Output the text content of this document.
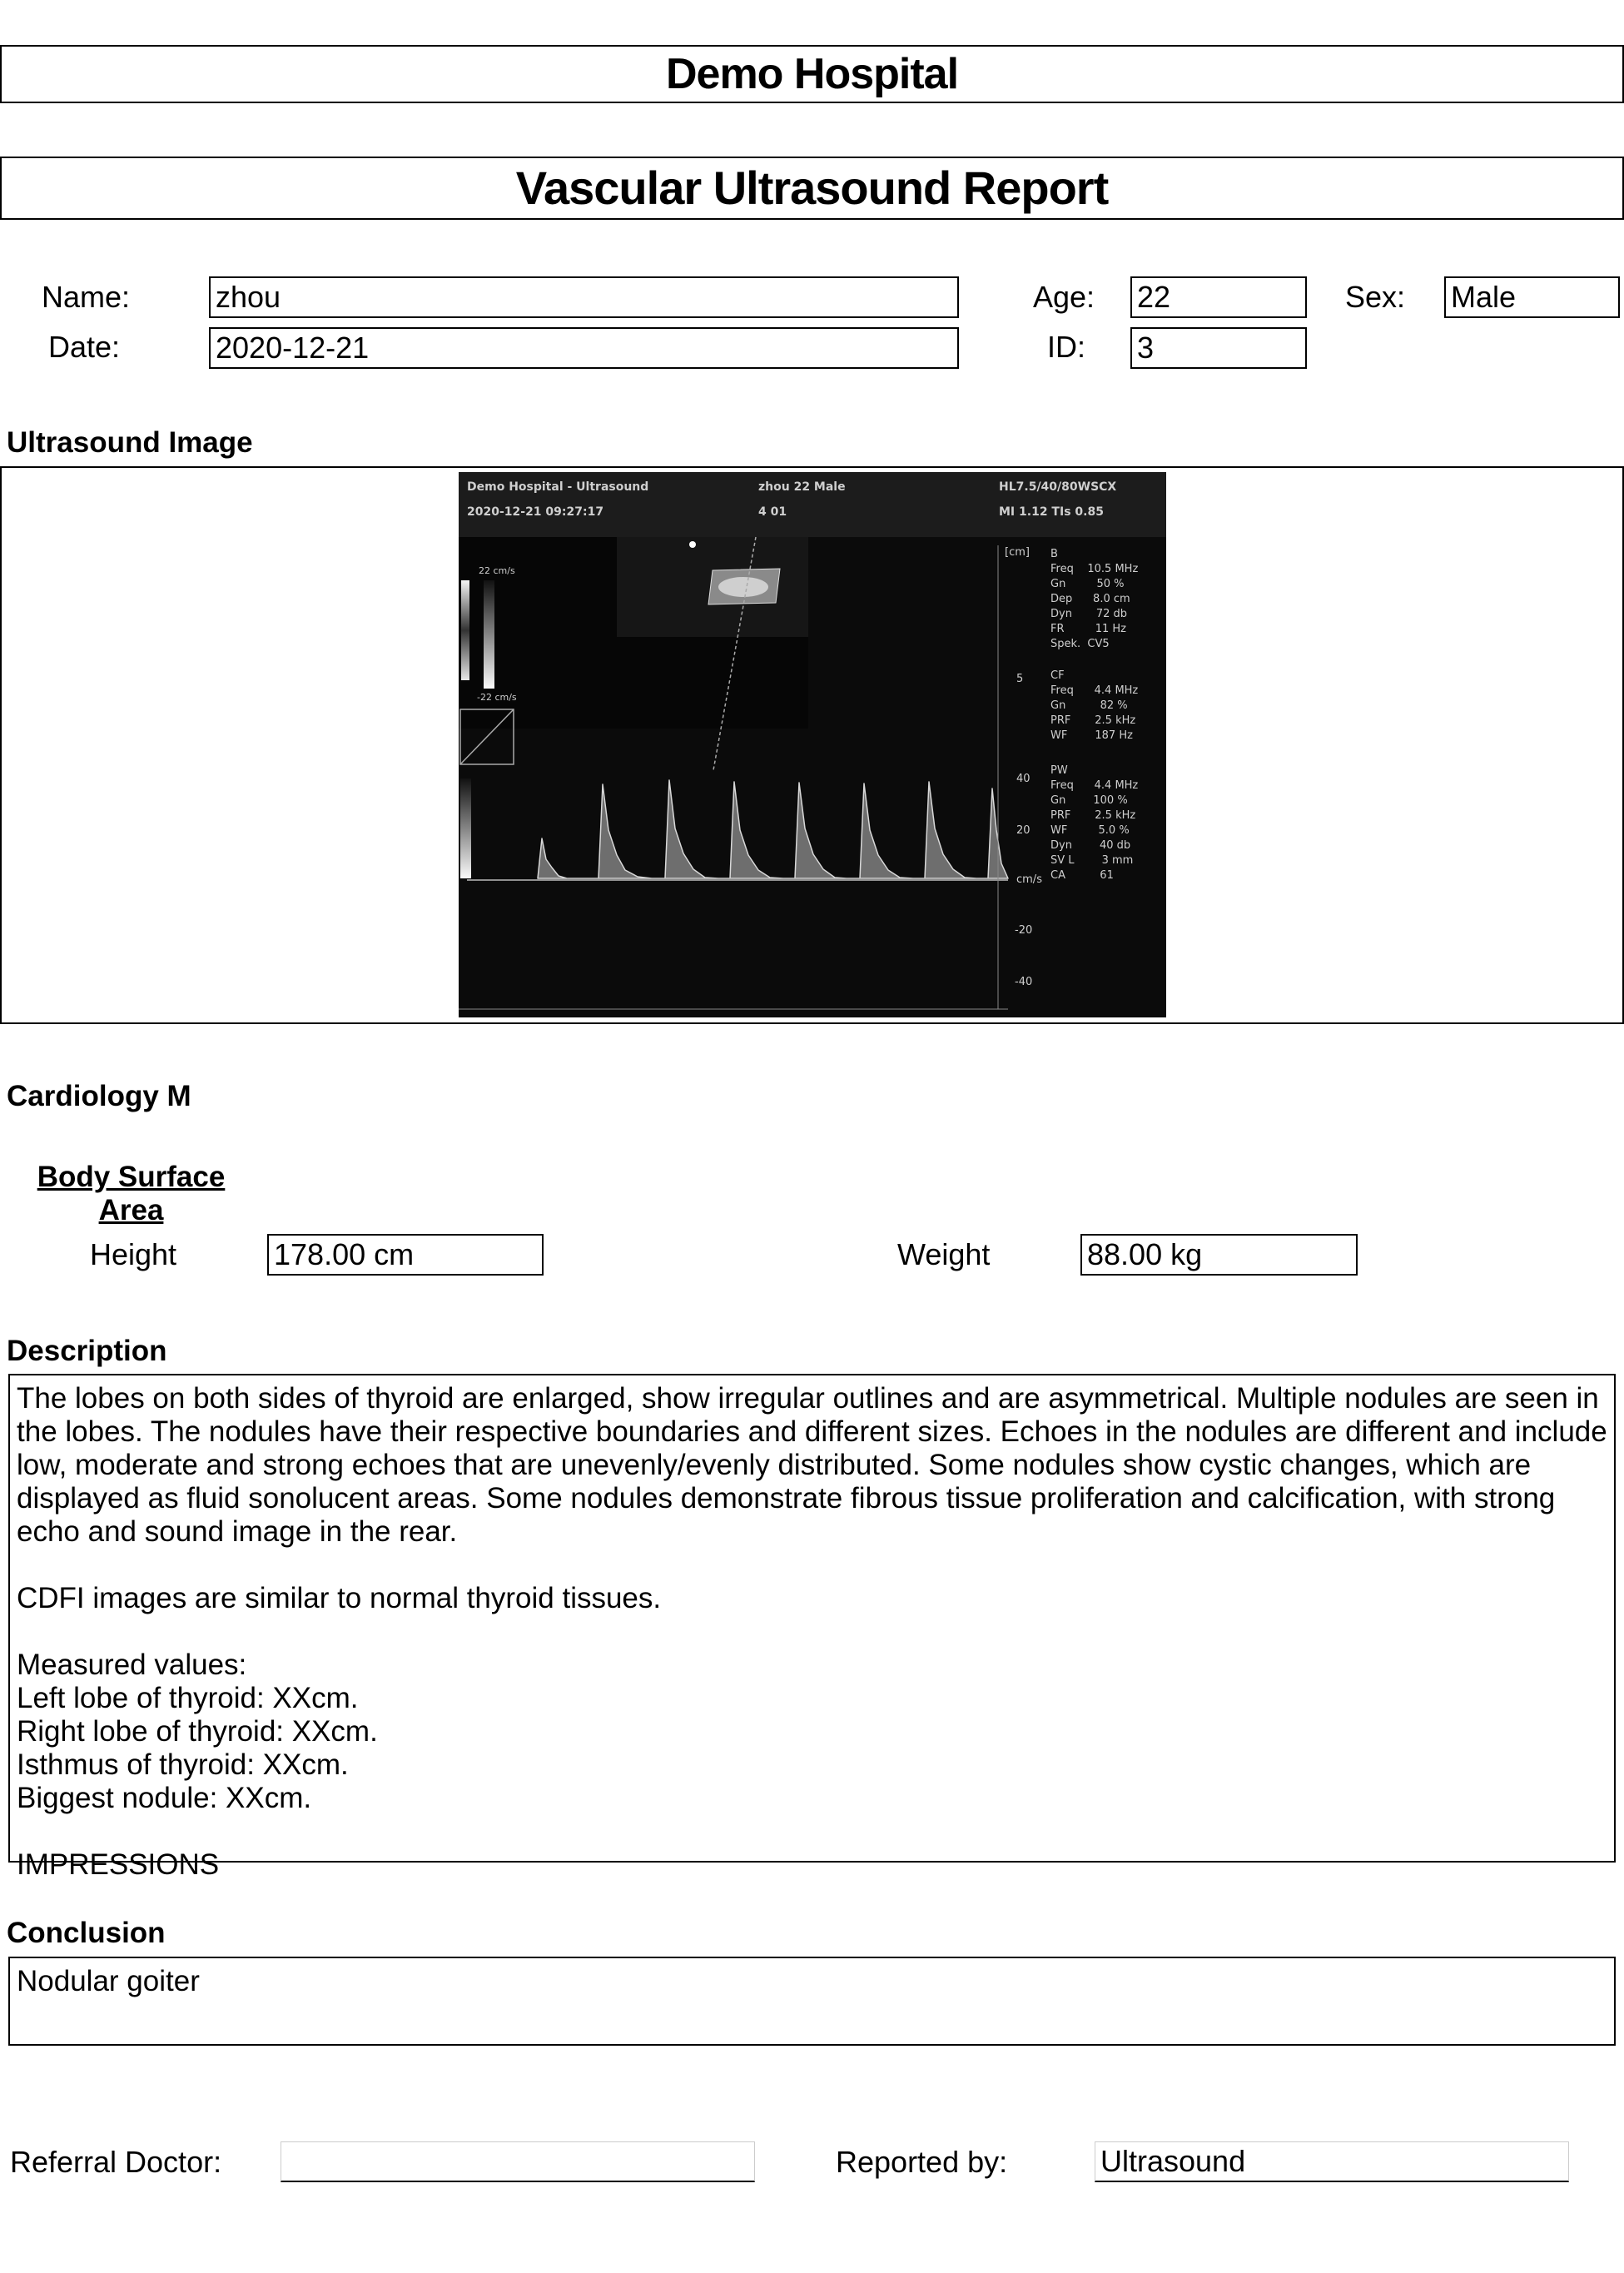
Demo Hospital
Vascular Ultrasound Report
Name:	zhou	Age: 22	Sex: Male
Date:	2020-12-21	ID: 3
Ultrasound Image
Demo Hospital - Ultrasound
2020-12-21 09:27:17
zhou 22 Male
4 01
HL7.5/40/80WSCX
MI 1.12 TIs 0.85
[cm]
5
22 cm/s
-22 cm/s
B
Freq    10.5 MHz
Gn         50 %
Dep      8.0 cm
Dyn       72 db
FR         11 Hz
Spek.  CV5
CF
Freq      4.4 MHz
Gn          82 %
PRF       2.5 kHz
WF        187 Hz
PW
Freq      4.4 MHz
Gn        100 %
PRF       2.5 kHz
WF         5.0 %
Dyn        40 db
SV L        3 mm
CA          61
40
20
cm/s
-20
-40
Cardiology M
Body Surface
Area
Height	178.00 cm	Weight	88.00 kg
Description
The lobes on both sides of thyroid are enlarged, show irregular outlines and are asymmetrical. Multiple nodules are seen in the lobes. The nodules have their respective boundaries and different sizes. Echoes in the nodules are different and include low, moderate and strong echoes that are unevenly/evenly distributed. Some nodules show cystic changes, which are displayed as fluid sonolucent areas. Some nodules demonstrate fibrous tissue proliferation and calcification, with strong echo and sound image in the rear.

CDFI images are similar to normal thyroid tissues.

Measured values:
Left lobe of thyroid: XXcm.
Right lobe of thyroid: XXcm.
Isthmus of thyroid: XXcm.
Biggest nodule: XXcm.

IMPRESSIONS
Conclusion
Nodular goiter
Referral Doctor:	Reported by:	Ultrasound
